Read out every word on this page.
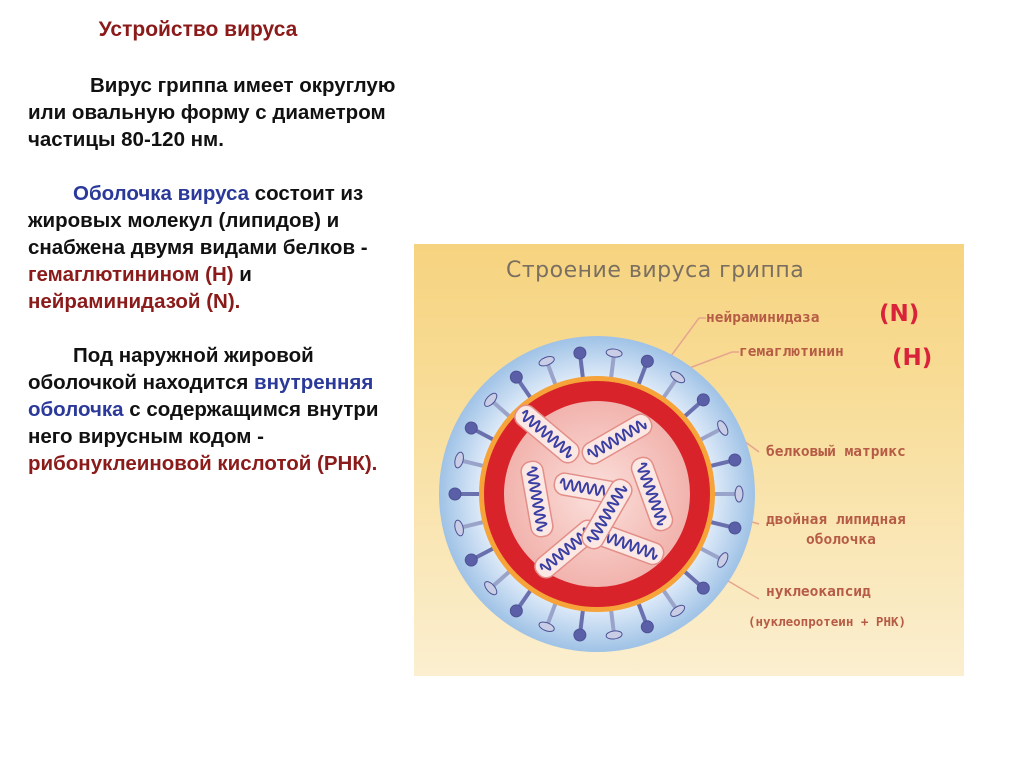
Устройство вируса

Вирус гриппа имеет округлую или овальную форму с диаметром частицы 80-120 нм.

Оболочка вируса состоит из жировых молекул (липидов) и снабжена двумя видами белков - гемаглютинином (Н) и нейраминидазой (N).

Под наружной жировой оболочкой находится внутренняя оболочка с содержащимся внутри него вирусным кодом - рибонуклеиновой кислотой (РНК).

Строение вируса гриппа
нейраминидаза	(N)
гемаглютинин (H)
белковый матрикс
двойная липидная
оболочка
нуклеокапсид
(нуклеопротеин + РНК)
